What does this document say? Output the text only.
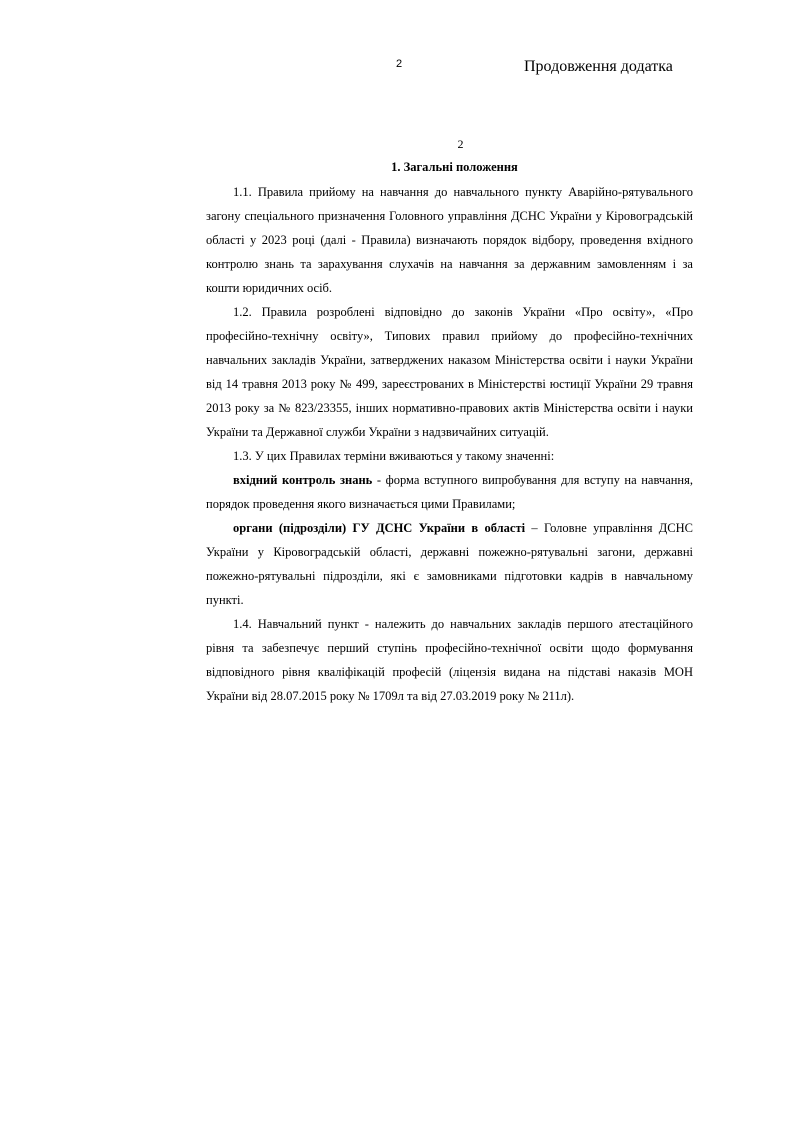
2	Продовження додатка
2
1. Загальні положення

1.1. Правила прийому на навчання до навчального пункту Аварійно-рятувального загону спеціального призначення Головного управління ДСНС України у Кіровоградській області у 2023 році (далі - Правила) визначають порядок відбору, проведення вхідного контролю знань та зарахування слухачів на навчання за державним замовленням і за кошти юридичних осіб.

1.2. Правила розроблені відповідно до законів України «Про освіту», «Про професійно-технічну освіту», Типових правил прийому до професійно-технічних навчальних закладів України, затверджених наказом Міністерства освіти і науки України від 14 травня 2013 року № 499, зареєстрованих в Міністерстві юстиції України 29 травня 2013 року за № 823/23355, інших нормативно-правових актів Міністерства освіти і науки України та Державної служби України з надзвичайних ситуацій.

1.3. У цих Правилах терміни вживаються у такому значенні:

вхідний контроль знань - форма вступного випробування для вступу на навчання, порядок проведення якого визначається цими Правилами;

органи (підрозділи) ГУ ДСНС України в області – Головне управління ДСНС України у Кіровоградській області, державні пожежно-рятувальні загони, державні пожежно-рятувальні підрозділи, які є замовниками підготовки кадрів в навчальному пункті.

1.4. Навчальний пункт - належить до навчальних закладів першого атестаційного рівня та забезпечує перший ступінь професійно-технічної освіти щодо формування відповідного рівня кваліфікацій професій (ліцензія видана на підставі наказів МОН України від 28.07.2015 року № 1709л та від 27.03.2019 року № 211л).
